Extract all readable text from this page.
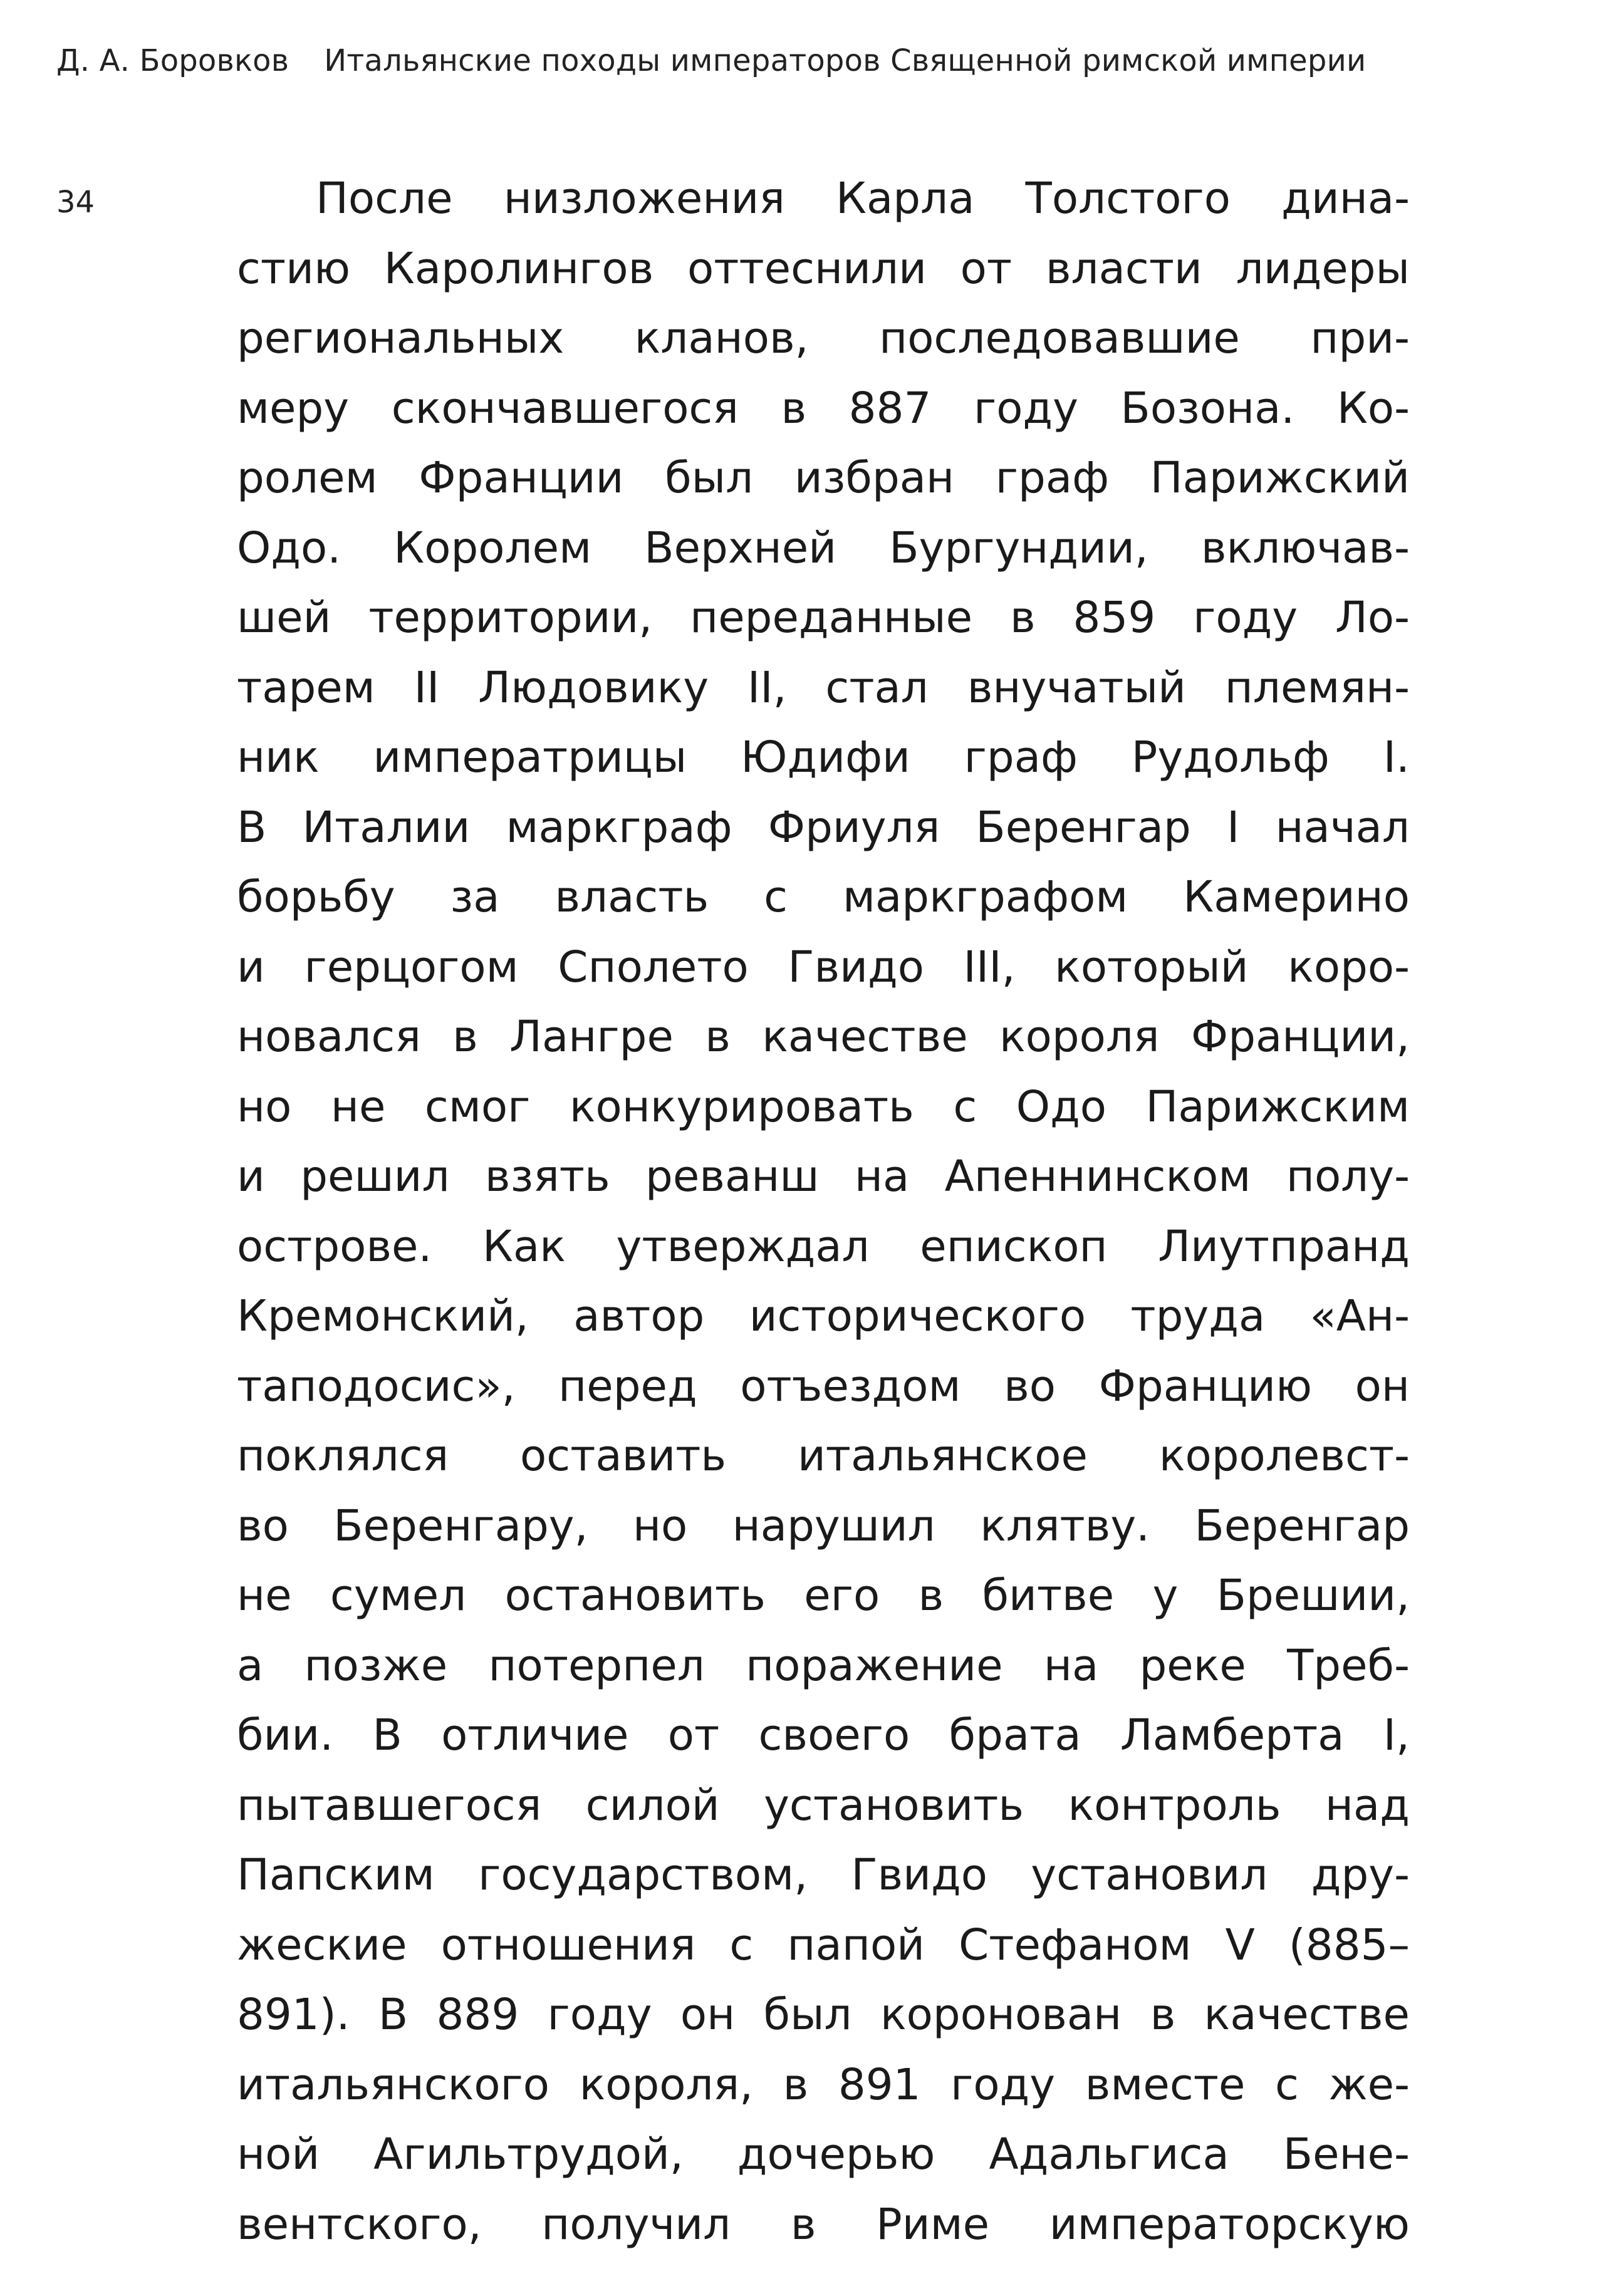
Д. А. Боровков Итальянские походы императоров Священной римской империи
34	После низложения Карла Толстого дина-
стию Каролингов оттеснили от власти лидеры
региональных кланов, последовавшие при-
меру скончавшегося в 887 году Бозона. Ко-
ролем Франции был избран граф Парижский
Одо. Королем Верхней Бургундии, включав-
шей территории, переданные в 859 году Ло-
тарем II Людовику II, стал внучатый племян-
ник императрицы Юдифи граф Рудольф I.
В Италии маркграф Фриуля Беренгар I начал
борьбу за власть с маркграфом Камерино
и герцогом Сполето Гвидо III, который коро-
новался в Лангре в качестве короля Франции,
но не смог конкурировать с Одо Парижским
и решил взять реванш на Апеннинском полу-
острове. Как утверждал епископ Лиутпранд
Кремонский, автор исторического труда «Ан-
таподосис», перед отъездом во Францию он
поклялся оставить итальянское королевст-
во Беренгару, но нарушил клятву. Беренгар
не сумел остановить его в битве у Брешии,
а позже потерпел поражение на реке Треб-
бии. В отличие от своего брата Ламберта I,
пытавшегося силой установить контроль над
Папским государством, Гвидо установил дру-
жеские отношения с папой Стефаном V (885–
891). В 889 году он был коронован в качестве
итальянского короля, в 891 году вместе с же-
ной Агильтрудой, дочерью Адальгиса Бене-
вентского, получил в Риме императорскую
